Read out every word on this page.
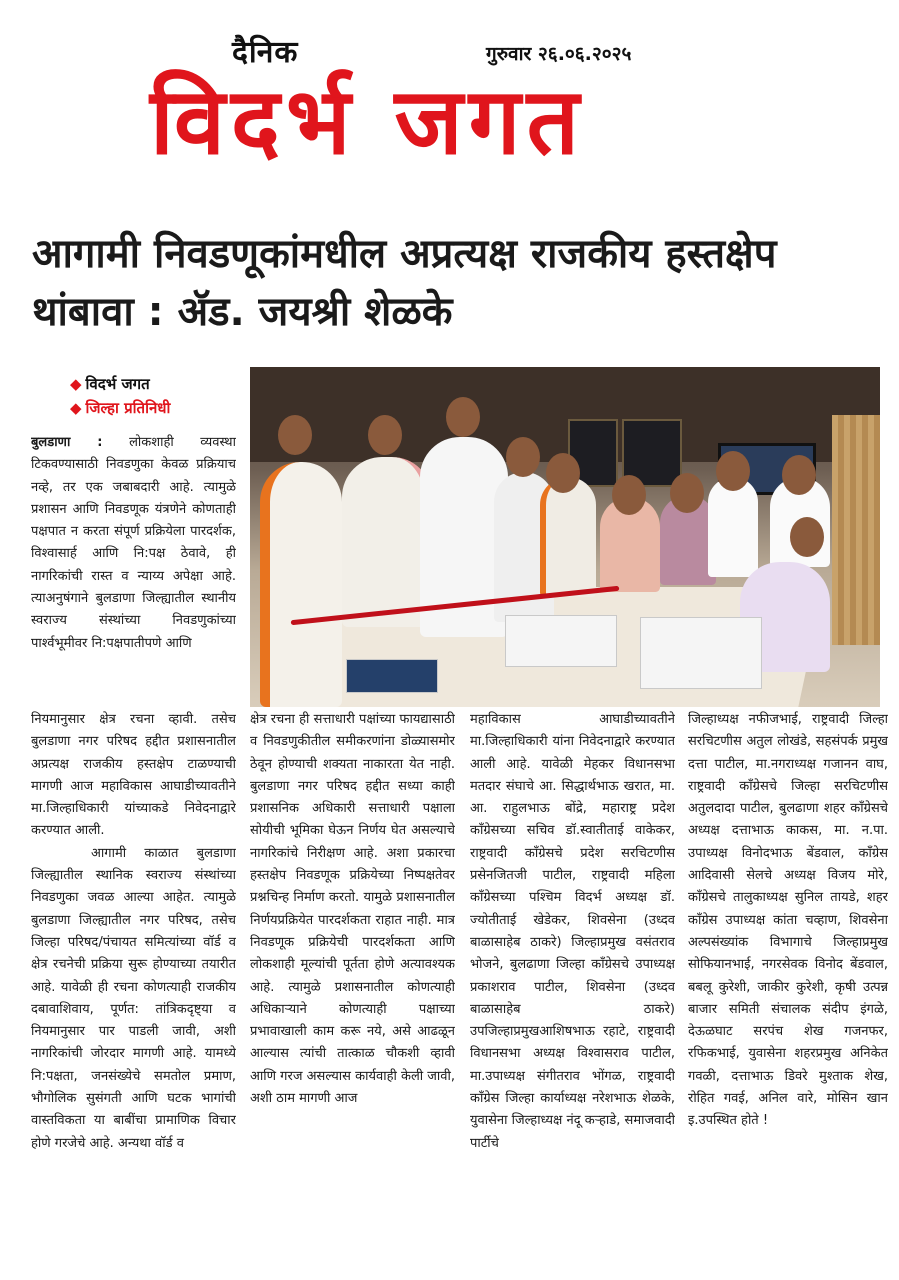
दैनिक	गुरुवार २६.०६.२०२५
विदर्भ जगत
आगामी निवडणूकांमधील अप्रत्यक्ष राजकीय हस्तक्षेप थांबावा : ॲड. जयश्री शेळके
◆ विदर्भ जगत
◆ जिल्हा प्रतिनिधी

बुलडाणा : लोकशाही व्यवस्था टिकवण्यासाठी निवडणुका केवळ प्रक्रियाच नव्हे, तर एक जबाबदारी आहे. त्यामुळे प्रशासन आणि निवडणूक यंत्रणेने कोणताही पक्षपात न करता संपूर्ण प्रक्रियेला पारदर्शक, विश्वासार्ह आणि नि:पक्ष ठेवावे, ही नागरिकांची रास्त व न्याय्य अपेक्षा आहे. त्याअनुषंगाने बुलडाणा जिल्ह्यातील स्थानीय स्वराज्य संस्थांच्या निवडणुकांच्या पार्श्वभूमीवर नि:पक्षपातीपणे आणि

नियमानुसार क्षेत्र रचना व्हावी. तसेच बुलडाणा नगर परिषद हद्दीत प्रशासनातील अप्रत्यक्ष राजकीय हस्तक्षेप टाळण्याची मागणी आज महाविकास आघाडीच्यावतीने मा.जिल्हाधिकारी यांच्याकडे निवेदनाद्वारे करण्यात आली.

आगामी काळात बुलडाणा जिल्ह्यातील स्थानिक स्वराज्य संस्थांच्या निवडणुका जवळ आल्या आहेत. त्यामुळे बुलडाणा जिल्ह्यातील नगर परिषद, तसेच जिल्हा परिषद/पंचायत समित्यांच्या वॉर्ड व क्षेत्र रचनेची प्रक्रिया सुरू होण्याच्या तयारीत आहे. यावेळी ही रचना कोणत्याही राजकीय दबावाशिवाय, पूर्णत: तांत्रिकदृष्ट्या व नियमानुसार पार पाडली जावी, अशी नागरिकांची जोरदार मागणी आहे. यामध्ये नि:पक्षता, जनसंख्येचे समतोल प्रमाण, भौगोलिक सुसंगती आणि घटक भागांची वास्तविकता या बाबींचा प्रामाणिक विचार होणे गरजेचे आहे. अन्यथा वॉर्ड व

क्षेत्र रचना ही सत्ताधारी पक्षांच्या फायद्यासाठी व निवडणुकीतील समीकरणांना डोळ्यासमोर ठेवून होण्याची शक्यता नाकारता येत नाही. बुलडाणा नगर परिषद हद्दीत सध्या काही प्रशासनिक अधिकारी सत्ताधारी पक्षाला सोयीची भूमिका घेऊन निर्णय घेत असल्याचे नागरिकांचे निरीक्षण आहे. अशा प्रकारचा हस्तक्षेप निवडणूक प्रक्रियेच्या निष्पक्षतेवर प्रश्नचिन्ह निर्माण करतो. यामुळे प्रशासनातील निर्णयप्रक्रियेत पारदर्शकता राहात नाही. मात्र निवडणूक प्रक्रियेची पारदर्शकता आणि लोकशाही मूल्यांची पूर्तता होणे अत्यावश्यक आहे. त्यामुळे प्रशासनातील कोणत्याही अधिकाऱ्याने कोणत्याही पक्षाच्या प्रभावाखाली काम करू नये, असे आढळून आल्यास त्यांची तात्काळ चौकशी व्हावी आणि गरज असल्यास कार्यवाही केली जावी, अशी ठाम मागणी आज

महाविकास आघाडीच्यावतीने मा.जिल्हाधिकारी यांना निवेदनाद्वारे करण्यात आली आहे. यावेळी मेहकर विधानसभा मतदार संघाचे आ. सिद्धार्थभाऊ खरात, मा. आ. राहुलभाऊ बोंद्रे, महाराष्ट्र प्रदेश काँग्रेसच्या सचिव डॉ.स्वातीताई वाकेकर, राष्ट्रवादी काँग्रेसचे प्रदेश सरचिटणीस प्रसेनजितजी पाटील, राष्ट्रवादी महिला काँग्रेसच्या पश्चिम विदर्भ अध्यक्ष डॉ. ज्योतीताई खेडेकर, शिवसेना (उध्दव बाळासाहेब ठाकरे) जिल्हाप्रमुख वसंतराव भोजने, बुलढाणा जिल्हा काँग्रेसचे उपाध्यक्ष प्रकाशराव पाटील, शिवसेना (उध्दव बाळासाहेब ठाकरे) उपजिल्हाप्रमुखआशिषभाऊ रहाटे, राष्ट्रवादी विधानसभा अध्यक्ष विश्वासराव पाटील, मा.उपाध्यक्ष संगीतराव भोंगळ, राष्ट्रवादी काँग्रेस जिल्हा कार्याध्यक्ष नरेशभाऊ शेळके, युवासेना जिल्हाध्यक्ष नंदू कऱ्हाडे, समाजवादी पार्टीचे

जिल्हाध्यक्ष नफीजभाई, राष्ट्रवादी जिल्हा सरचिटणीस अतुल लोखंडे, सहसंपर्क प्रमुख दत्ता पाटील, मा.नगराध्यक्ष गजानन वाघ, राष्ट्रवादी काँग्रेसचे जिल्हा सरचिटणीस अतुलदादा पाटील, बुलढाणा शहर काँग्रेसचे अध्यक्ष दत्ताभाऊ काकस, मा. न.पा. उपाध्यक्ष विनोदभाऊ बेंडवाल, काँग्रेस आदिवासी सेलचे अध्यक्ष विजय मोरे, काँग्रेसचे तालुकाध्यक्ष सुनिल तायडे, शहर काँग्रेस उपाध्यक्ष कांता चव्हाण, शिवसेना अल्पसंख्यांक विभागाचे जिल्हाप्रमुख सोफियानभाई, नगरसेवक विनोद बेंडवाल, बबलू कुरेशी, जाकीर कुरेशी, कृषी उत्पन्न बाजार समिती संचालक संदीप इंगळे, देऊळघाट सरपंच शेख गजनफर, रफिकभाई, युवासेना शहरप्रमुख अनिकेत गवळी, दत्ताभाऊ डिवरे मुश्ताक शेख, रोहित गवई, अनिल वारे, मोसिन खान इ.उपस्थित होते !
